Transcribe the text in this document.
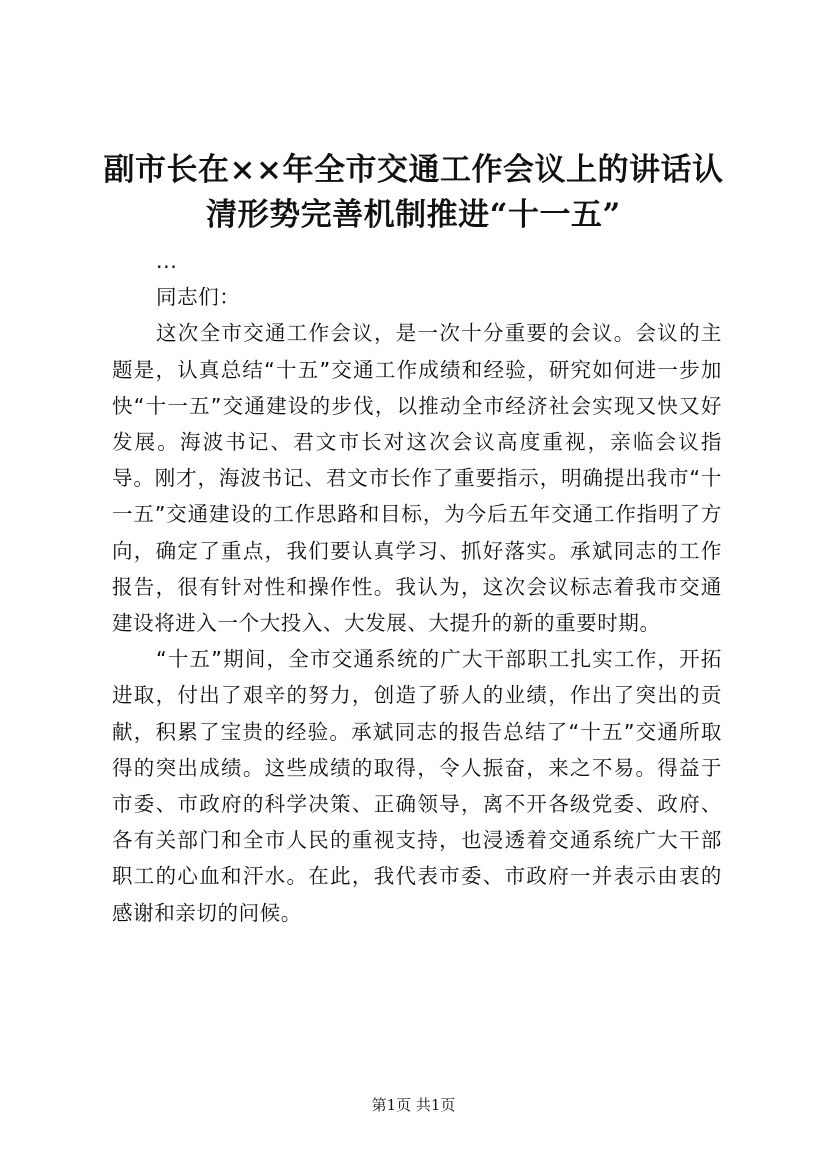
副市长在××年全市交通工作会议上的讲话认
清形势完善机制推进“十一五”

...

同志们：

这次全市交通工作会议，是一次十分重要的会议。会议的主题是，认真总结“十五”交通工作成绩和经验，研究如何进一步加快“十一五”交通建设的步伐，以推动全市经济社会实现又快又好发展。海波书记、君文市长对这次会议高度重视，亲临会议指导。刚才，海波书记、君文市长作了重要指示，明确提出我市“十一五”交通建设的工作思路和目标，为今后五年交通工作指明了方向，确定了重点，我们要认真学习、抓好落实。承斌同志的工作报告，很有针对性和操作性。我认为，这次会议标志着我市交通建设将进入一个大投入、大发展、大提升的新的重要时期。

“十五”期间，全市交通系统的广大干部职工扎实工作，开拓进取，付出了艰辛的努力，创造了骄人的业绩，作出了突出的贡献，积累了宝贵的经验。承斌同志的报告总结了“十五”交通所取得的突出成绩。这些成绩的取得，令人振奋，来之不易。得益于市委、市政府的科学决策、正确领导，离不开各级党委、政府、各有关部门和全市人民的重视支持，也浸透着交通系统广大干部职工的心血和汗水。在此，我代表市委、市政府一并表示由衷的感谢和亲切的问候。

第1页 共1页
